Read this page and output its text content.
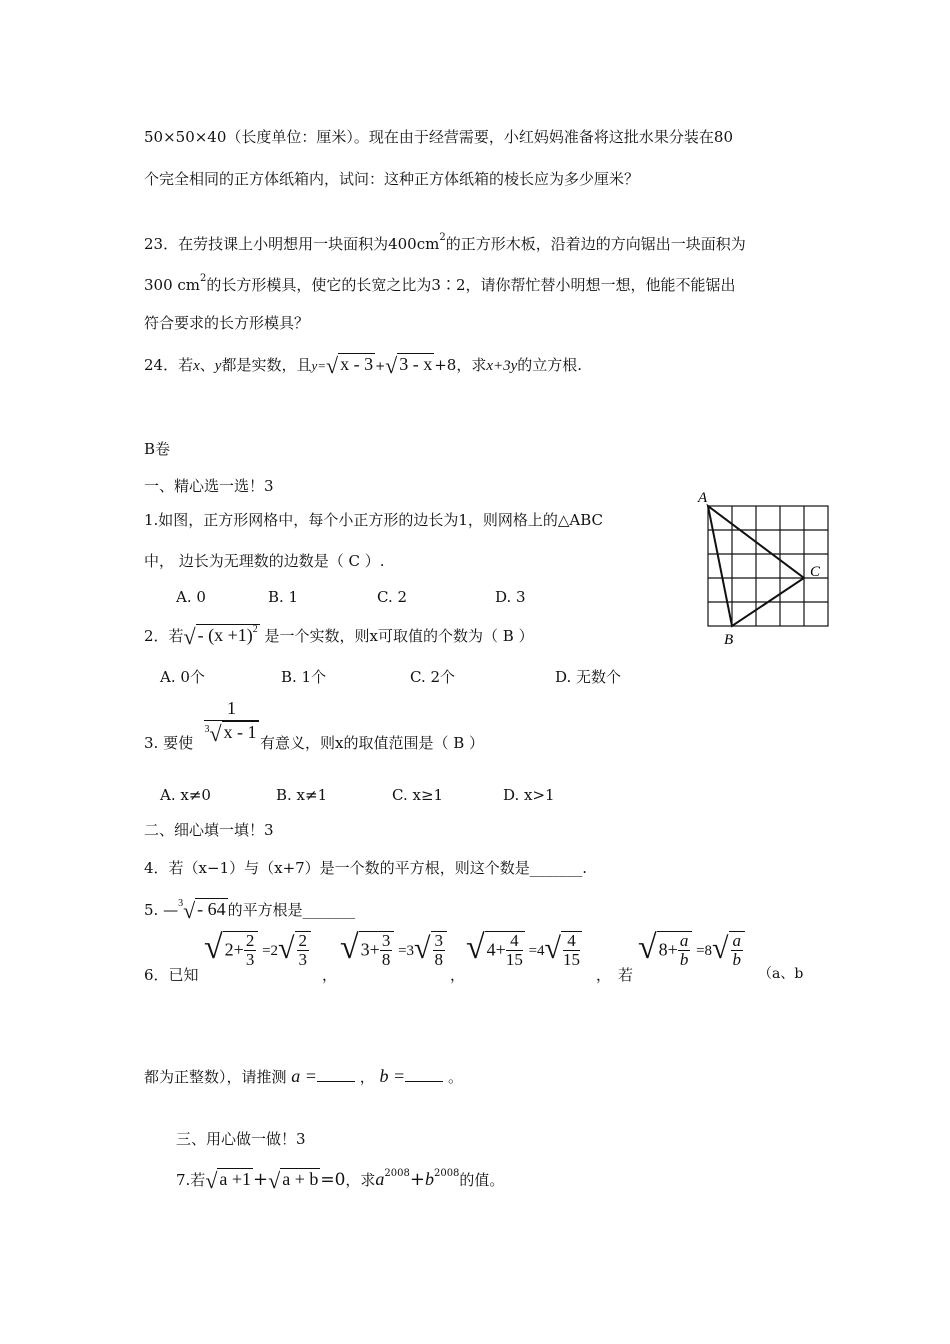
50×50×40（长度单位：厘米）。现在由于经营需要，小红妈妈准备将这批水果分装在80
个完全相同的正方体纸箱内，试问：这种正方体纸箱的棱长应为多少厘米？
23．在劳技课上小明想用一块面积为$400cm^2$的正方形木板，沿着边的方向锯出一块面积为
300 $cm^2$的长方形模具，使它的长宽之比为3∶2，请你帮忙替小明想一想，他能不能锯出
符合要求的长方形模具？
24．若x、y都是实数，且y=√ x - 3 +√ 3 - x +8，求x+3y的立方根.
B卷
一、精心选一选！3
1.如图，正方形网格中，每个小正方形的边长为1，则网格上的△ABC
中， 边长为无理数的边数是（ C ）.
A. 0	B. 1	C. 2	D. 3
A
B
C
2．若√ - $(x +1)^2$ 是一个实数，则x可取值的个数为（ B ）
A. 0个	B. 1个	C. 2个	D. 无数个
3. 要使
1
$^3$√ x - 1
有意义，则x的取值范围是（ B ）
A. x≠0	B. x≠1	C. x≥1	D. x>1
二、细心填一填！3
4．若（x−1）与（x+7）是一个数的平方根，则这个数是_______.
5. —$^3$√ - 64 的平方根是_______
6．已知
√ $2+ \frac{2}{3} =2√ \frac{2}{3}$
，
√ $3+ \frac{3}{8} =3√ \frac{3}{8}$
，
√ $4+ \frac{4}{15} =4√ \frac{4}{15}$
， 若
√ $8+ \frac{a}{b} =8√ \frac{a}{b}$
（a、b
都为正整数），请推测 a =	， b =	。
三、用心做一做！3
7.若√ a +1 +√ a + b =0，求$a^{2008}+b^{2008}$的值。
